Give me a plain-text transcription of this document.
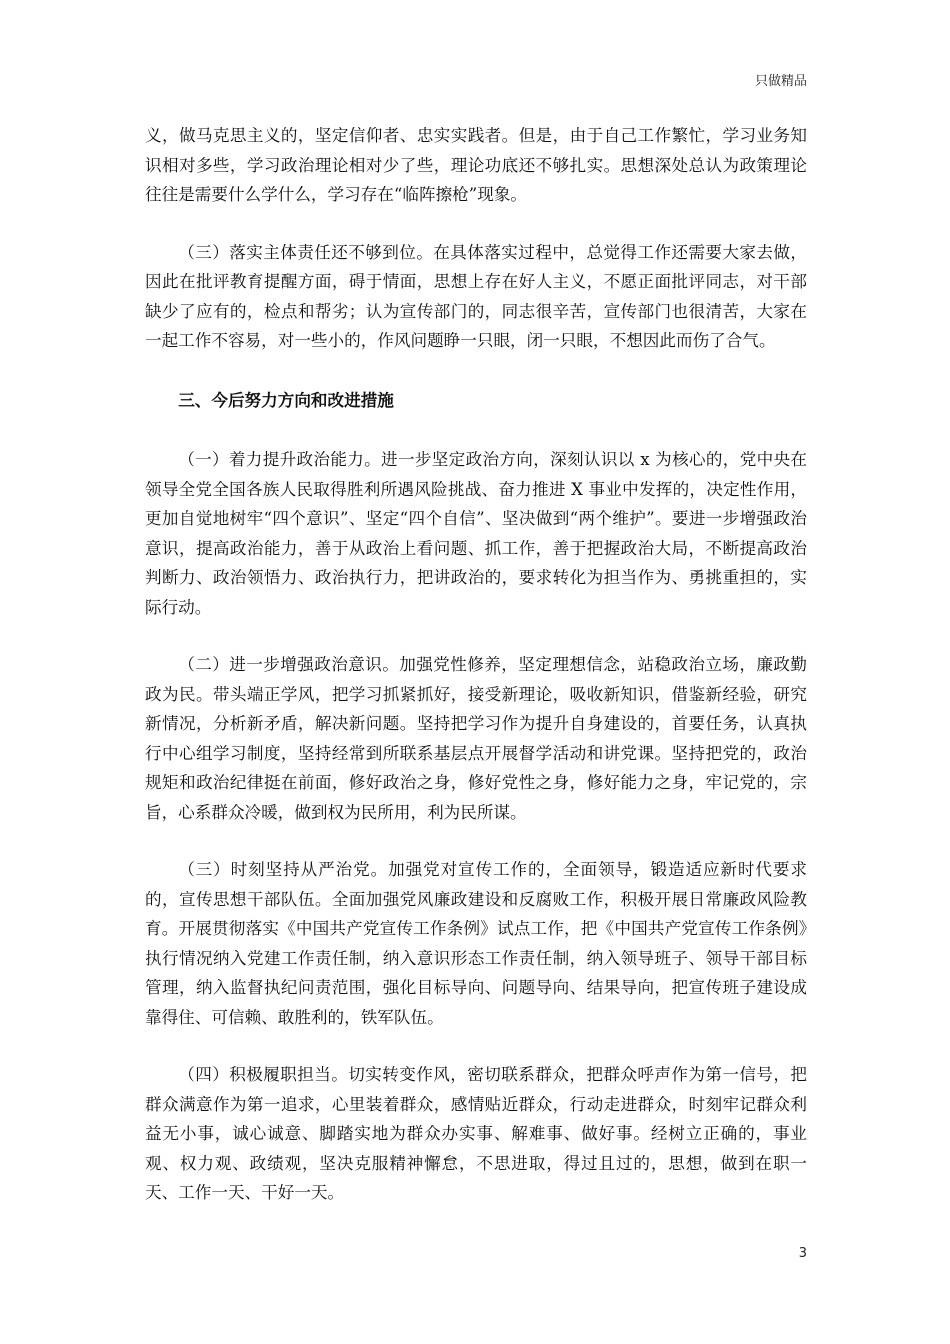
只做精品

义，做马克思主义的，坚定信仰者、忠实实践者。但是，由于自己工作繁忙，学习业务知识相对多些，学习政治理论相对少了些，理论功底还不够扎实。思想深处总认为政策理论往往是需要什么学什么，学习存在“临阵擦枪”现象。

（三）落实主体责任还不够到位。在具体落实过程中，总觉得工作还需要大家去做，因此在批评教育提醒方面，碍于情面，思想上存在好人主义，不愿正面批评同志，对干部缺少了应有的，检点和帮劣；认为宣传部门的，同志很辛苦，宣传部门也很清苦，大家在一起工作不容易，对一些小的，作风问题睁一只眼，闭一只眼，不想因此而伤了合气。

三、今后努力方向和改进措施

（一）着力提升政治能力。进一步坚定政治方向，深刻认识以 x 为核心的，党中央在领导全党全国各族人民取得胜利所遇风险挑战、奋力推进 X 事业中发挥的，决定性作用，更加自觉地树牢“四个意识”、坚定“四个自信”、坚决做到“两个维护”。要进一步增强政治意识，提高政治能力，善于从政治上看问题、抓工作，善于把握政治大局，不断提高政治判断力、政治领悟力、政治执行力，把讲政治的，要求转化为担当作为、勇挑重担的，实际行动。

（二）进一步增强政治意识。加强党性修养，坚定理想信念，站稳政治立场，廉政勤政为民。带头端正学风，把学习抓紧抓好，接受新理论，吸收新知识，借鉴新经验，研究新情况，分析新矛盾，解决新问题。坚持把学习作为提升自身建设的，首要任务，认真执行中心组学习制度，坚持经常到所联系基层点开展督学活动和讲党课。坚持把党的，政治规矩和政治纪律挺在前面，修好政治之身，修好党性之身，修好能力之身，牢记党的，宗旨，心系群众冷暖，做到权为民所用，利为民所谋。

（三）时刻坚持从严治党。加强党对宣传工作的，全面领导，锻造适应新时代要求的，宣传思想干部队伍。全面加强党风廉政建设和反腐败工作，积极开展日常廉政风险教育。开展贯彻落实《中国共产党宣传工作条例》试点工作，把《中国共产党宣传工作条例》执行情况纳入党建工作责任制，纳入意识形态工作责任制，纳入领导班子、领导干部目标管理，纳入监督执纪问责范围，强化目标导向、问题导向、结果导向，把宣传班子建设成靠得住、可信赖、敢胜利的，铁军队伍。

（四）积极履职担当。切实转变作风，密切联系群众，把群众呼声作为第一信号，把群众满意作为第一追求，心里装着群众，感情贴近群众，行动走进群众，时刻牢记群众利益无小事，诚心诚意、脚踏实地为群众办实事、解难事、做好事。经树立正确的，事业观、权力观、政绩观，坚决克服精神懈怠，不思进取，得过且过的，思想，做到在职一天、工作一天、干好一天。

3
